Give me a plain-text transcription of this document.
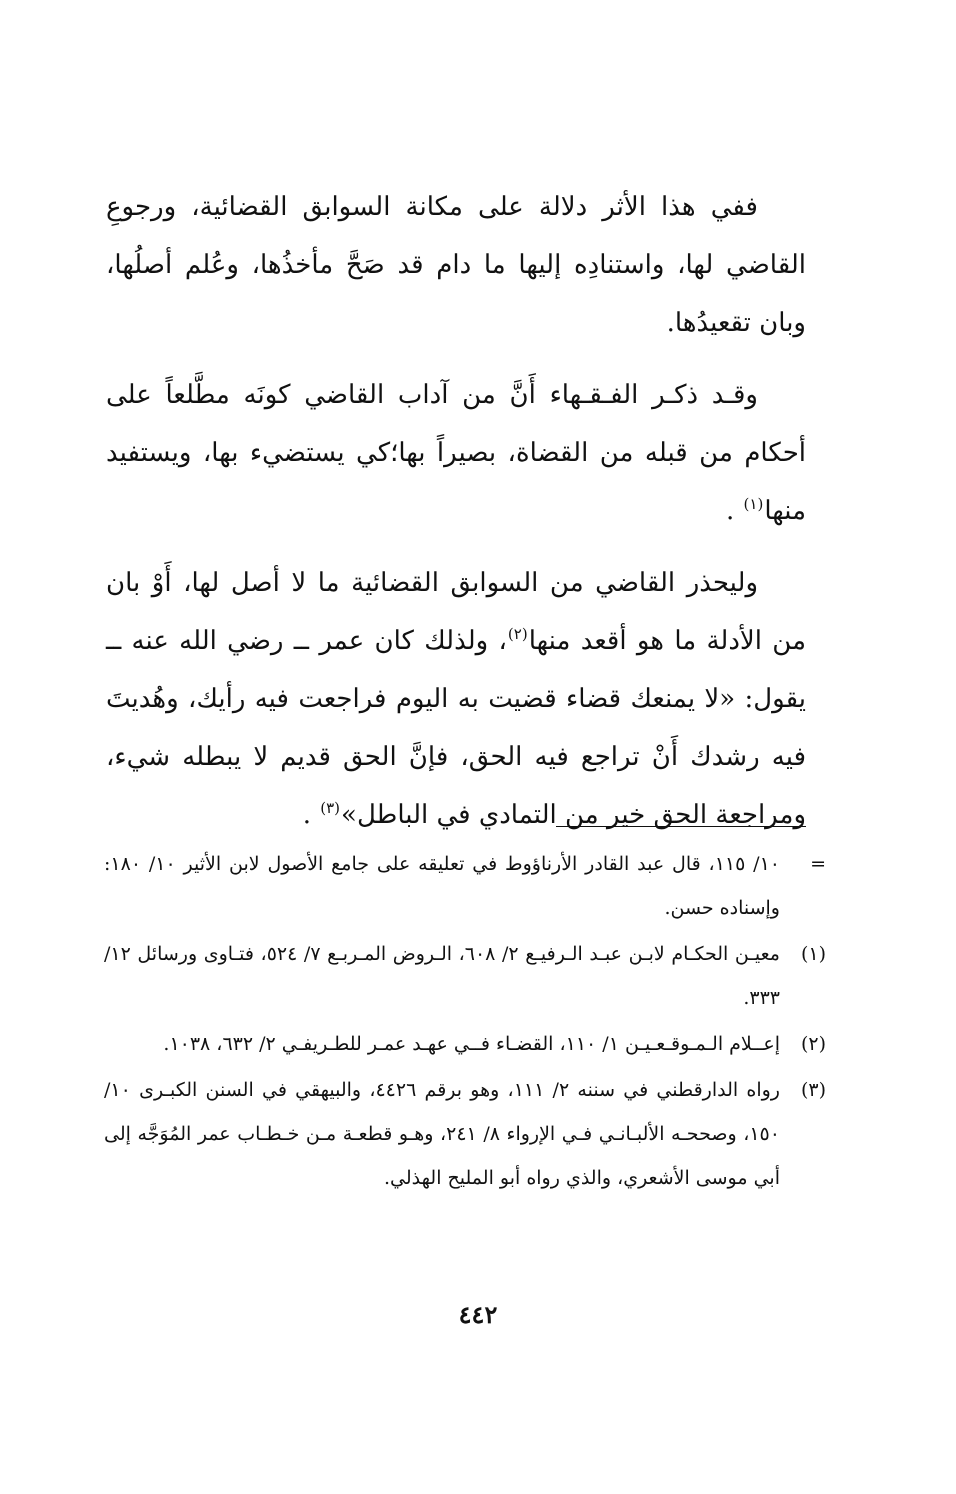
ففي هذا الأثر دلالة على مكانة السوابق القضائية، ورجوعِ القاضي لها، واستنادِه إليها ما دام قد صَحَّ مأخذُها، وعُلم أصلُها، وبان تقعيدُها.

وقـد ذكـر الفـقـهاء أَنَّ من آداب القاضي كونَه مطَّلعاً على أحكام من قبله من القضاة، بصيراً بها؛كي يستضيء بها، ويستفيد منها$^{(١)}$ .

وليحذر القاضي من السوابق القضائية ما لا أصل لها، أَوْ بان من الأدلة ما هو أقعد منها$^{(٢)}$، ولذلك كان عمر ــ رضي الله عنه ــ يقول: «لا يمنعك قضاء قضيت به اليوم فراجعت فيه رأيك، وهُديتَ فيه رشدك أَنْ تراجع فيه الحق، فإنَّ الحق قديم لا يبطله شيء، ومراجعة الحق خير من التمادي في الباطل»$^{(٣)}$ .

=
١٠/ ١١٥، قال عبد القادر الأرناؤوط في تعليقه على جامع الأصول لابن الأثير ١٠/ ١٨٠: وإسناده حسن.
(١)
معيـن الحكـام لابـن عبـد الـرفيـع ٢/ ٦٠٨، الـروض المـربـع ٧/ ٥٢٤، فتـاوى ورسائل ١٢/ ٣٣٣.
(٢)
إعــلام الـمـوقـعـيـن ١/ ١١٠، القضـاء فــي عهـد عمـر للطـريفـي ٢/ ٦٣٢، ١٠٣٨.
(٣)
رواه الدارقطني في سننه ٢/ ١١١، وهو برقم ٤٤٢٦، والبيهقي في السنن الكبـرى ١٠/ ١٥٠، وصححـه الألبـانـي فـي الإرواء ٨/ ٢٤١، وهـو قطعـة مـن خـطـاب عمر المُوَجَّه إلى أبي موسى الأشعري، والذي رواه أبو المليح الهذلي.
٤٤٢
